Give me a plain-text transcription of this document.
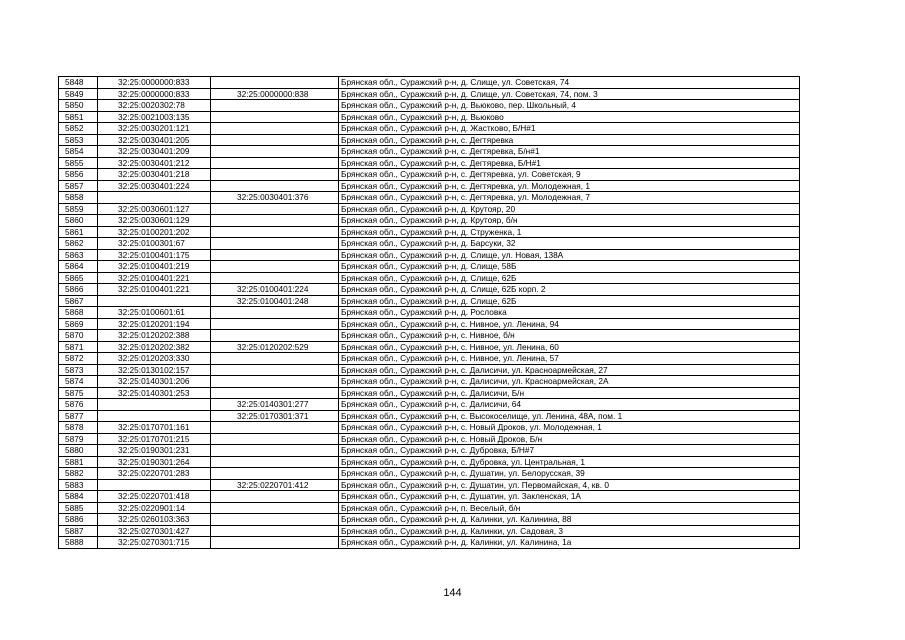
5848	32:25:0000000:833		Брянская обл., Суражский р-н, д. Слище, ул. Советская, 74
5849	32:25:0000000:833	32:25:0000000:838	Брянская обл., Суражский р-н, д. Слище, ул. Советская, 74, пом. 3
5850	32:25:0020302:78		Брянская обл., Суражский р-н, д. Вьюково, пер. Школьный, 4
5851	32:25:0021003:135		Брянская обл., Суражский р-н, д. Вьюково
5852	32:25:0030201:121		Брянская обл., Суражский р-н, д. Жастково, Б/Н#1
5853	32:25:0030401:205		Брянская обл., Суражский р-н, с. Дегтяревка
5854	32:25:0030401:209		Брянская обл., Суражский р-н, с. Дегтяревка, Б/н#1
5855	32:25:0030401:212		Брянская обл., Суражский р-н, с. Дегтяревка, Б/Н#1
5856	32:25:0030401:218		Брянская обл., Суражский р-н, с. Дегтяревка, ул. Советская, 9
5857	32:25:0030401:224		Брянская обл., Суражский р-н, с. Дегтяревка, ул. Молодежная, 1
5858		32:25:0030401:376	Брянская обл., Суражский р-н, с. Дегтяревка, ул. Молодежная, 7
5859	32:25:0030601:127		Брянская обл., Суражский р-н, д. Крутояр, 20
5860	32:25:0030601:129		Брянская обл., Суражский р-н, д. Крутояр, б/н
5861	32:25:0100201:202		Брянская обл., Суражский р-н, д. Струженка, 1
5862	32:25:0100301:67		Брянская обл., Суражский р-н, д. Барсуки, 32
5863	32:25:0100401:175		Брянская обл., Суражский р-н, д. Слище, ул. Новая, 138А
5864	32:25:0100401:219		Брянская обл., Суражский р-н, д. Слище, 58Б
5865	32:25:0100401:221		Брянская обл., Суражский р-н, д. Слище, 62Б
5866	32:25:0100401:221	32:25:0100401:224	Брянская обл., Суражский р-н, д. Слище, 62Б корп. 2
5867		32:25:0100401:248	Брянская обл., Суражский р-н, д. Слище, 62Б
5868	32:25:0100601:61		Брянская обл., Суражский р-н, д. Рословка
5869	32:25:0120201:194		Брянская обл., Суражский р-н, с. Нивное, ул. Ленина, 94
5870	32:25:0120202:388		Брянская обл., Суражский р-н, с. Нивное, б/н
5871	32:25:0120202:382	32:25:0120202:529	Брянская обл., Суражский р-н, с. Нивное, ул. Ленина, 60
5872	32:25:0120203:330		Брянская обл., Суражский р-н, с. Нивное, ул. Ленина, 57
5873	32:25:0130102:157		Брянская обл., Суражский р-н, с. Далисичи, ул. Красноармейская, 27
5874	32:25:0140301:206		Брянская обл., Суражский р-н, с. Далисичи, ул. Красноармейская, 2А
5875	32:25:0140301:253		Брянская обл., Суражский р-н, с. Далисичи, Б/н
5876		32:25:0140301:277	Брянская обл., Суражский р-н, с. Далисичи, 64
5877		32:25:0170301:371	Брянская обл., Суражский р-н, с. Высокоселище, ул. Ленина, 48А, пом. 1
5878	32:25:0170701:161		Брянская обл., Суражский р-н, с. Новый Дроков, ул. Молодежная, 1
5879	32:25:0170701:215		Брянская обл., Суражский р-н, с. Новый Дроков, Б/н
5880	32:25:0190301:231		Брянская обл., Суражский р-н, с. Дубровка, Б/Н#7
5881	32:25:0190301:264		Брянская обл., Суражский р-н, с. Дубровка, ул. Центральная, 1
5882	32:25:0220701:283		Брянская обл., Суражский р-н, с. Душатин, ул. Белорусская, 39
5883		32:25:0220701:412	Брянская обл., Суражский р-н, с. Душатин, ул. Первомайская, 4, кв. 0
5884	32:25:0220701:418		Брянская обл., Суражский р-н, с. Душатин, ул. Закленская, 1А
5885	32:25:0220901:14		Брянская обл., Суражский р-н, п. Веселый, б/н
5886	32:25:0260103:363		Брянская обл., Суражский р-н, д. Калинки, ул. Калинина, 88
5887	32:25:0270301:427		Брянская обл., Суражский р-н, д. Калинки, ул. Садовая, 3
5888	32:25:0270301:715		Брянская обл., Суражский р-н, д. Калинки, ул. Калинина, 1а
144
